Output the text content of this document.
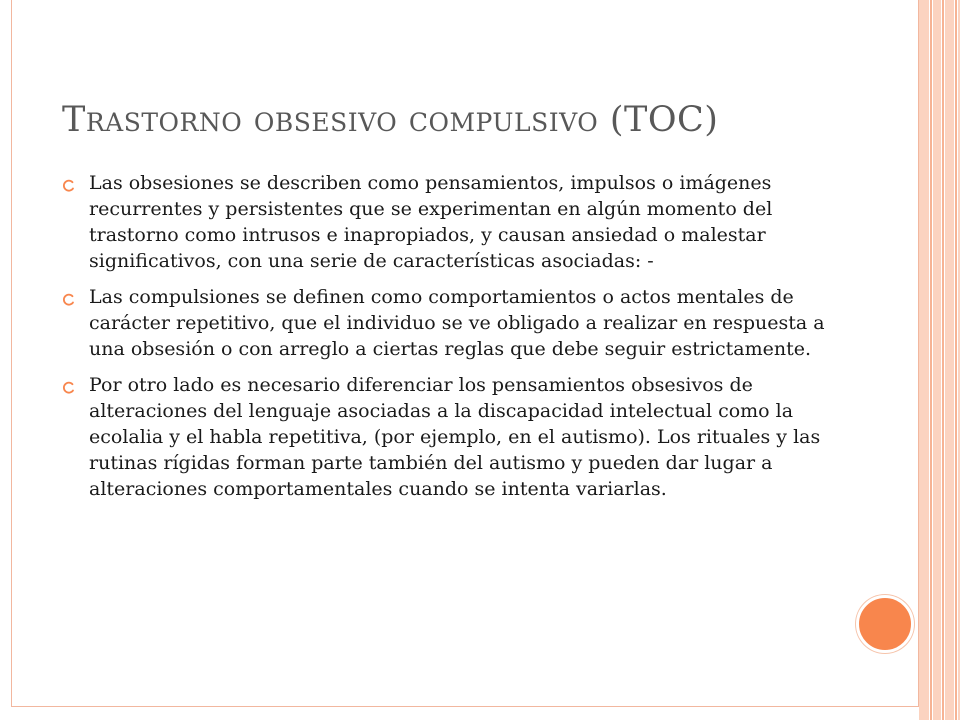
Trastorno obsesivo compulsivo (TOC)
Las obsesiones se describen como pensamientos, impulsos o imágenes recurrentes y persistentes que se experimentan en algún momento del trastorno como intrusos e inapropiados, y causan ansiedad o malestar significativos, con una serie de características asociadas: -
Las compulsiones se definen como comportamientos o actos mentales de carácter repetitivo, que el individuo se ve obligado a realizar en respuesta a una obsesión o con arreglo a ciertas reglas que debe seguir estrictamente.
Por otro lado es necesario diferenciar los pensamientos obsesivos de alteraciones del lenguaje asociadas a la discapacidad intelectual como la ecolalia y el habla repetitiva, (por ejemplo, en el autismo). Los rituales y las rutinas rígidas forman parte también del autismo y pueden dar lugar a alteraciones comportamentales cuando se intenta variarlas.
